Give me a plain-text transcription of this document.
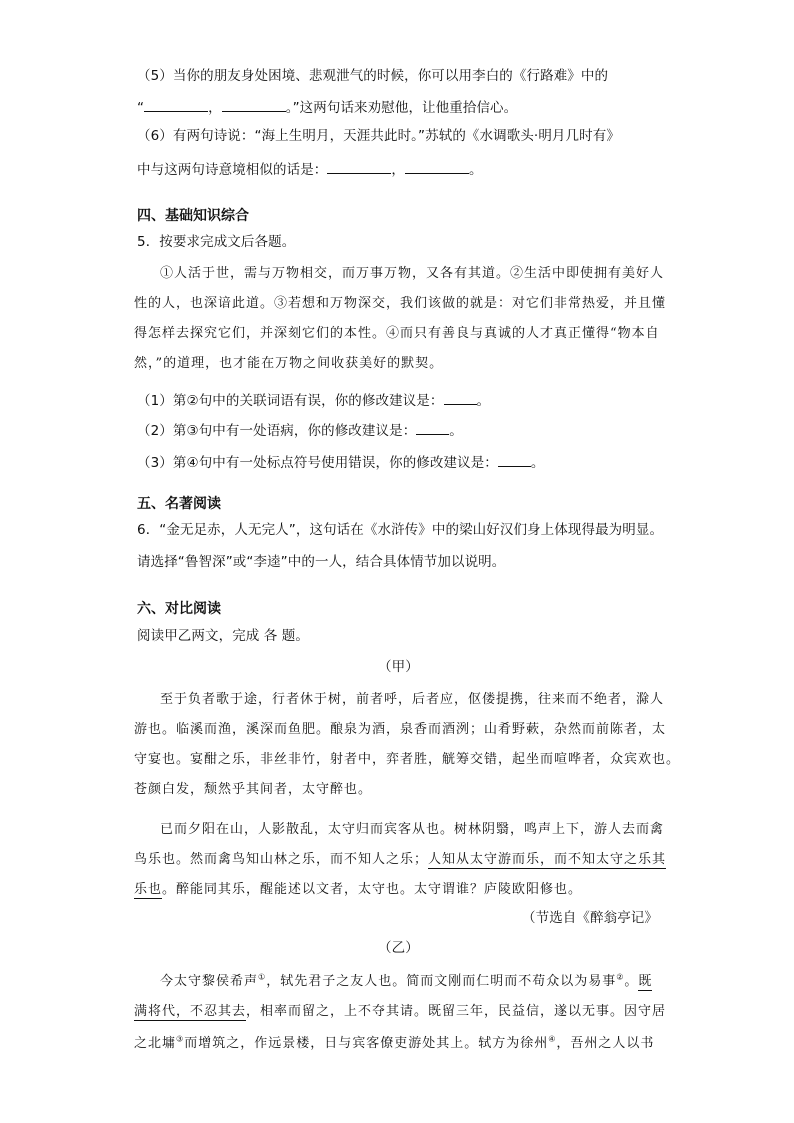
（5）当你的朋友身处困境、悲观泄气的时候，你可以用李白的《行路难》中的
“	，	。”这两句话来劝慰他，让他重拾信心。
（6）有两句诗说：“海上生明月，天涯共此时。”苏轼的《水调歌头·明月几时有》
中与这两句诗意境相似的话是：	，	。
四、基础知识综合
5．按要求完成文后各题。
①人活于世，需与万物相交，而万事万物，又各有其道。②生活中即使拥有美好人
性的人，也深谙此道。③若想和万物深交，我们该做的就是：对它们非常热爱，并且懂
得怎样去探究它们，并深刻它们的本性。④而只有善良与真诚的人才真正懂得“物本自
然，”的道理，也才能在万物之间收获美好的默契。
（1）第②句中的关联词语有误，你的修改建议是： 。
（2）第③句中有一处语病，你的修改建议是： 。
（3）第④句中有一处标点符号使用错误，你的修改建议是： 。
五、名著阅读
6．“金无足赤，人无完人”，这句话在《水浒传》中的梁山好汉们身上体现得最为明显。
请选择“鲁智深”或“李逵”中的一人，结合具体情节加以说明。
六、对比阅读
阅读甲乙两文，完成 各 题。
（甲）
至于负者歌于途，行者休于树，前者呼，后者应，伛偻提携，往来而不绝者，滁人
游也。临溪而渔，溪深而鱼肥。酿泉为酒，泉香而酒洌；山肴野蔌，杂然而前陈者，太
守宴也。宴酣之乐，非丝非竹，射者中，弈者胜，觥筹交错，起坐而喧哗者，众宾欢也。
苍颜白发，颓然乎其间者，太守醉也。
已而夕阳在山，人影散乱，太守归而宾客从也。树林阴翳，鸣声上下，游人去而禽
鸟乐也。然而禽鸟知山林之乐，而不知人之乐；人知从太守游而乐，而不知太守之乐其
乐也。醉能同其乐，醒能述以文者，太守也。太守谓谁？庐陵欧阳修也。
（节选自《醉翁亭记》
（乙）
今太守黎侯希声①，轼先君子之友人也。简而文刚而仁明而不苟众以为易事②。既
满将代，不忍其去，相率而留之，上不夺其请。既留三年，民益信，遂以无事。因守居
之北墉③而增筑之，作远景楼，日与宾客僚吏游处其上。轼方为徐州④，吾州之人以书
